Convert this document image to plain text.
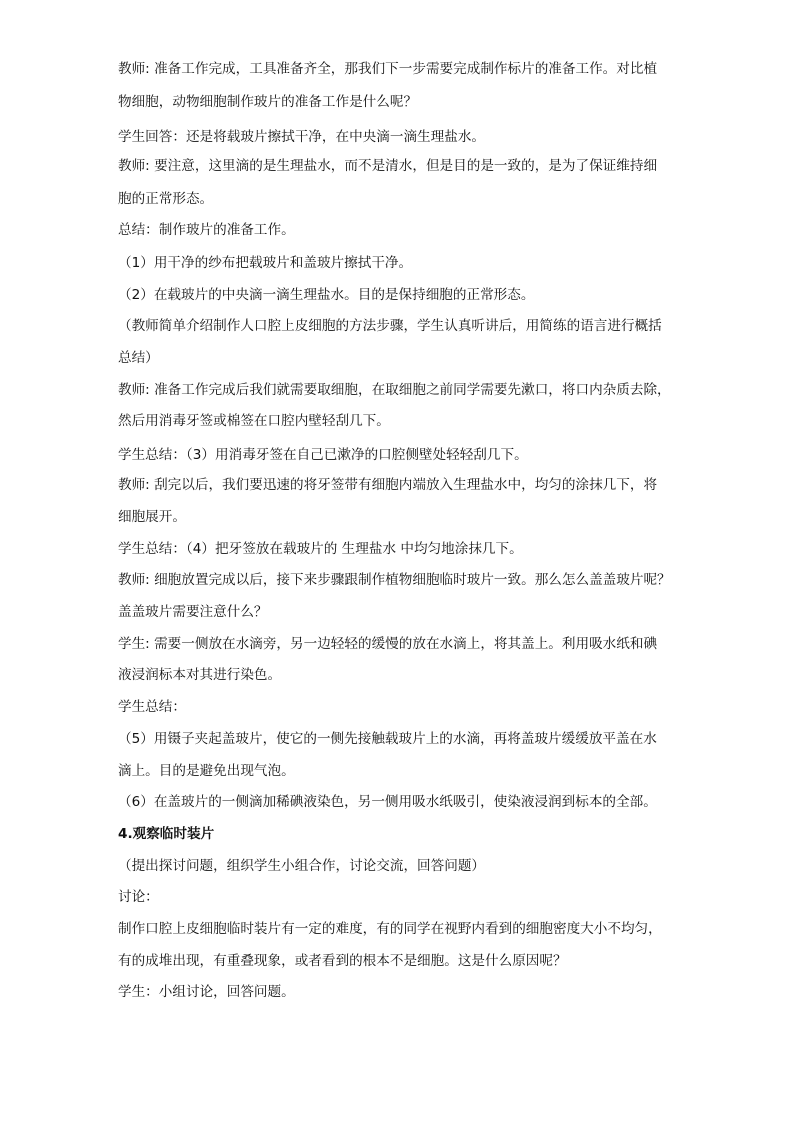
教师: 准备工作完成，工具准备齐全，那我们下一步需要完成制作标片的准备工作。对比植
物细胞，动物细胞制作玻片的准备工作是什么呢？
学生回答：还是将载玻片擦拭干净，在中央滴一滴生理盐水。
教师: 要注意，这里滴的是生理盐水，而不是清水，但是目的是一致的，是为了保证维持细
胞的正常形态。
总结：制作玻片的准备工作。
（1）用干净的纱布把载玻片和盖玻片擦拭干净。
（2）在载玻片的中央滴一滴生理盐水。目的是保持细胞的正常形态。
（教师简单介绍制作人口腔上皮细胞的方法步骤，学生认真听讲后，用简练的语言进行概括
总结）
教师: 准备工作完成后我们就需要取细胞，在取细胞之前同学需要先漱口，将口内杂质去除，
然后用消毒牙签或棉签在口腔内壁轻刮几下。
学生总结：（3）用消毒牙签在自己已漱净的口腔侧壁处轻轻刮几下。
教师: 刮完以后，我们要迅速的将牙签带有细胞内端放入生理盐水中，均匀的涂抹几下，将
细胞展开。
学生总结：（4）把牙签放在载玻片的 生理盐水 中均匀地涂抹几下。
教师: 细胞放置完成以后，接下来步骤跟制作植物细胞临时玻片一致。那么怎么盖盖玻片呢？
盖盖玻片需要注意什么？
学生: 需要一侧放在水滴旁，另一边轻轻的缓慢的放在水滴上，将其盖上。利用吸水纸和碘
液浸润标本对其进行染色。
学生总结：
（5）用镊子夹起盖玻片，使它的一侧先接触载玻片上的水滴，再将盖玻片缓缓放平盖在水
滴上。目的是避免出现气泡。
（6）在盖玻片的一侧滴加稀碘液染色，另一侧用吸水纸吸引，使染液浸润到标本的全部。
4.观察临时装片
（提出探讨问题，组织学生小组合作，讨论交流，回答问题）
讨论：
制作口腔上皮细胞临时装片有一定的难度，有的同学在视野内看到的细胞密度大小不均匀，
有的成堆出现，有重叠现象，或者看到的根本不是细胞。这是什么原因呢？
学生：小组讨论，回答问题。
